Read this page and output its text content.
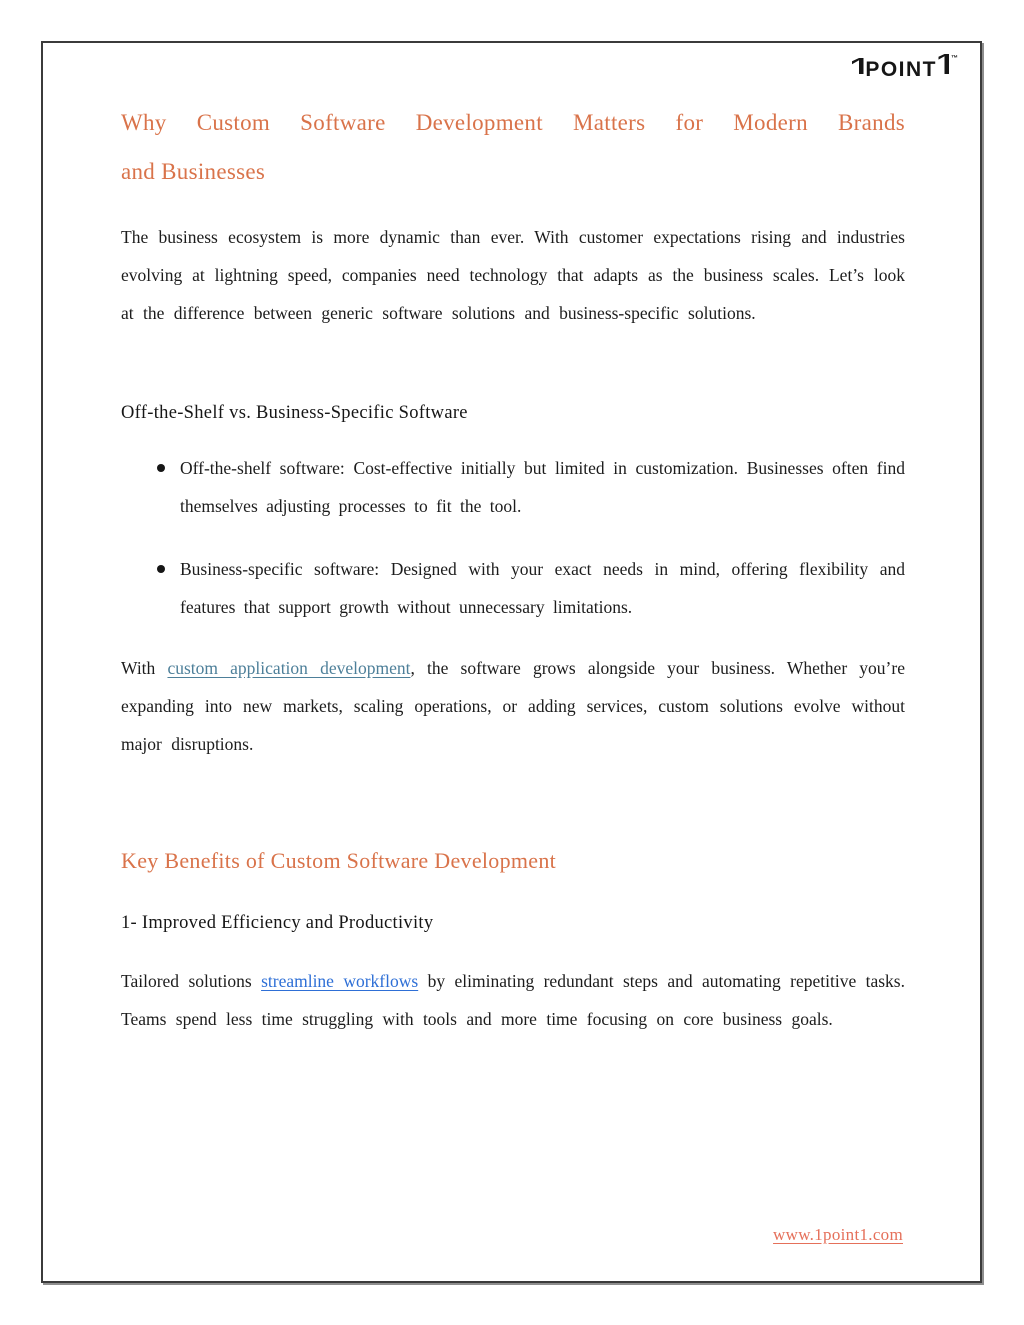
POINT ™
Why Custom Software Development Matters for Modern Brands
and Businesses

The business ecosystem is more dynamic than ever. With customer expectations rising and industries evolving at lightning speed, companies need technology that adapts as the business scales. Let’s look at the difference between generic software solutions and business-specific solutions.

Off-the-Shelf vs. Business-Specific Software

Off-the-shelf software: Cost-effective initially but limited in customization. Businesses often find themselves adjusting processes to fit the tool.

Business-specific software: Designed with your exact needs in mind, offering flexibility and features that support growth without unnecessary limitations.

With custom application development, the software grows alongside your business. Whether you’re expanding into new markets, scaling operations, or adding services, custom solutions evolve without major disruptions.

Key Benefits of Custom Software Development
1- Improved Efficiency and Productivity

Tailored solutions streamline workflows by eliminating redundant steps and automating repetitive tasks. Teams spend less time struggling with tools and more time focusing on core business goals.

www.1point1.com
